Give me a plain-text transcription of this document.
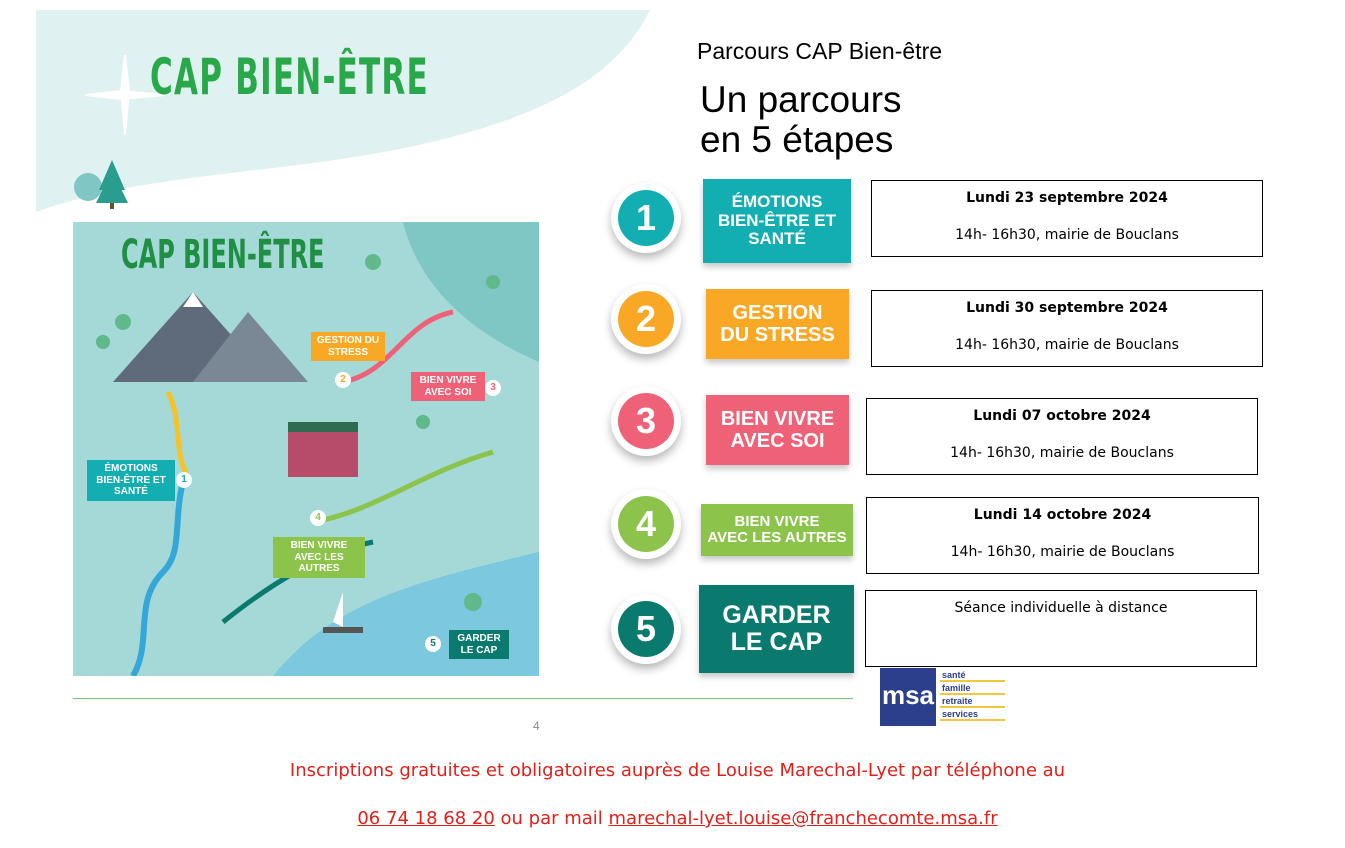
CAP BIEN-ÊTRE
CAP BIEN-ÊTRE
ÉMOTIONS BIEN-ÊTRE ET SANTÉ
1
GESTION DU STRESS
2	BIEN VIVRE AVEC SOI	3
BIEN VIVRE AVEC LES AUTRES
4
GARDER LE CAP
5
Parcours CAP Bien-être
Un parcours
en 5 étapes
1	ÉMOTIONS
BIEN-ÊTRE ET
SANTÉ
Lundi 23 septembre 2024
14h- 16h30, mairie de Bouclans
2	GESTION
DU STRESS
Lundi 30 septembre 2024
14h- 16h30, mairie de Bouclans
3	BIEN VIVRE
AVEC SOI
Lundi 07 octobre 2024
14h- 16h30, mairie de Bouclans
4	BIEN VIVRE
AVEC LES AUTRES
Lundi 14 octobre 2024
14h- 16h30, mairie de Bouclans
5	GARDER
LE CAP
Séance individuelle à distance
msa
santé
famille
retraite
services
4
Inscriptions gratuites et obligatoires auprès de Louise Marechal-Lyet par téléphone au
06 74 18 68 20 ou par mail marechal-lyet.louise@franchecomte.msa.fr
